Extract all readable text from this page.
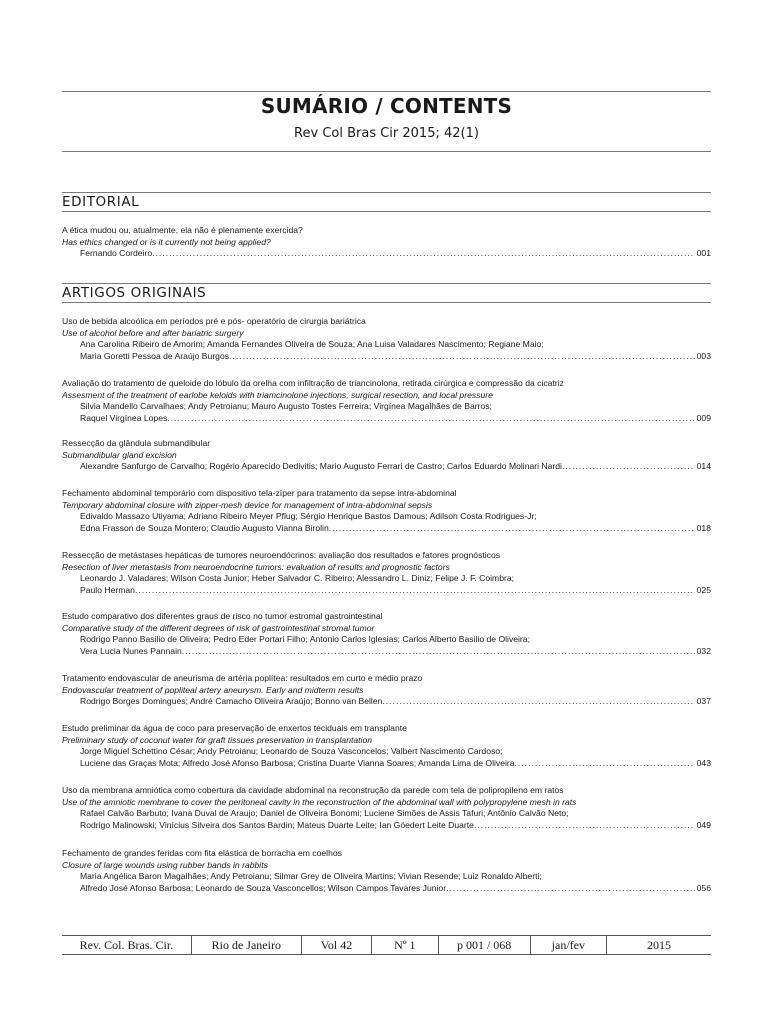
SUMÁRIO / CONTENTS
Rev Col Bras Cir 2015; 42(1)
EDITORIAL
A ética mudou ou, atualmente, ela não é plenamente exercida?
Has ethics changed or is it currently not being applied?
Fernando Cordeiro .....	001
ARTIGOS ORIGINAIS
Uso de bebida alcoólica em períodos pré e pós- operatório de cirurgia bariátrica
Use of alcohol before and after bariatric surgery
Ana Carolina Ribeiro de Amorim; Amanda Fernandes Oliveira de Souza; Ana Luisa Valadares Nascimento; Regiane Maio;
Maria Goretti Pessoa de Araújo Burgos .....	003
Avaliação do tratamento de queloide do lóbulo da orelha com infiltração de triancinolona, retirada cirúrgica e compressão da cicatriz
Assesment of the treatment of earlobe keloids with triamcinolone injections, surgical resection, and local pressure
Silvia Mandello Carvalhaes; Andy Petroianu; Mauro Augusto Tostes Ferreira; Virgínea Magalhães de Barros;
Raquel Virgínea Lopes .....	009
Ressecção da glândula submandibular
Submandibular gland excision
Alexandre Sanfurgo de Carvalho; Rogério Aparecido Dedivitis; Mario Augusto Ferrari de Castro; Carlos Eduardo Molinari Nardi .....	014
Fechamento abdominal temporário com dispositivo tela-zíper para tratamento da sepse intra-abdominal
Temporary abdominal closure with zipper-mesh device for management of intra-abdominal sepsis
Edivaldo Massazo Utiyama; Adriano Ribeiro Meyer Pflug; Sérgio Henrique Bastos Damous; Adilson Costa Rodrigues-Jr;
Edna Frasson de Souza Montero; Claudio Augusto Vianna Birolin .....	018
Ressecção de metástases hepáticas de tumores neuroendócrinos: avaliação dos resultados e fatores prognósticos
Resection of liver metastasis from neuroendocrine tumors: evaluation of results and prognostic factors
Leonardo J. Valadares; Wilson Costa Junior; Heber Salvador C. Ribeiro; Alessandro L. Diniz; Felipe J. F. Coimbra;
Paulo Herman .....	025
Estudo comparativo dos diferentes graus de risco no tumor estromal gastrointestinal
Comparative study of the different degrees of risk of gastrointestinal stromal tumor
Rodrigo Panno Basilio de Oliveira; Pedro Eder Portari Filho; Antonio Carlos Iglesias; Carlos Alberto Basilio de Oliveira;
Vera Lucia Nunes Pannain .....	032
Tratamento endovascular de aneurisma de artéria poplítea: resultados em curto e médio prazo
Endovascular treatment of popliteal artery aneurysm. Early and midterm results
Rodrigo Borges Domingues; André Camacho Oliveira Araújo; Bonno van Bellen .....	037
Estudo preliminar da água de coco para preservação de enxertos teciduais em transplante
Preliminary study of coconut water for graft tissues preservation in transplantation
Jorge Miguel Schettino César; Andy Petroianu; Leonardo de Souza Vasconcelos; Valbert Nascimento Cardoso;
Luciene das Graças Mota; Alfredo José Afonso Barbosa; Cristina Duarte Vianna Soares; Amanda Lima de Oliveira .....	043
Uso da membrana amniótica como cobertura da cavidade abdominal na reconstrução da parede com tela de polipropileno em ratos
Use of the amniotic membrane to cover the peritoneal cavity in the reconstruction of the abdominal wall with polypropylene mesh in rats
Rafael Calvão Barbuto; Ivana Duval de Araujo; Daniel de Oliveira Bonomi; Luciene Simões de Assis Tafuri; Antônio Calvão Neto;
Rodrigo Malinowski; Vinícius Silveira dos Santos Bardin; Mateus Duarte Leite; Ian Göedert Leite Duarte .....	049
Fechamento de grandes feridas com fita elástica de borracha em coelhos
Closure of large wounds using rubber bands in rabbits
Maria Angélica Baron Magalhães; Andy Petroianu; Silmar Grey de Oliveira Martins; Vivian Resende; Luiz Ronaldo Alberti;
Alfredo José Afonso Barbosa; Leonardo de Souza Vasconcellos; Wilson Campos Tavares Junior .....	056
Rev. Col. Bras. Cir.	Rio de Janeiro	Vol 42	Nº 1	p 001 / 068	jan/fev	2015
